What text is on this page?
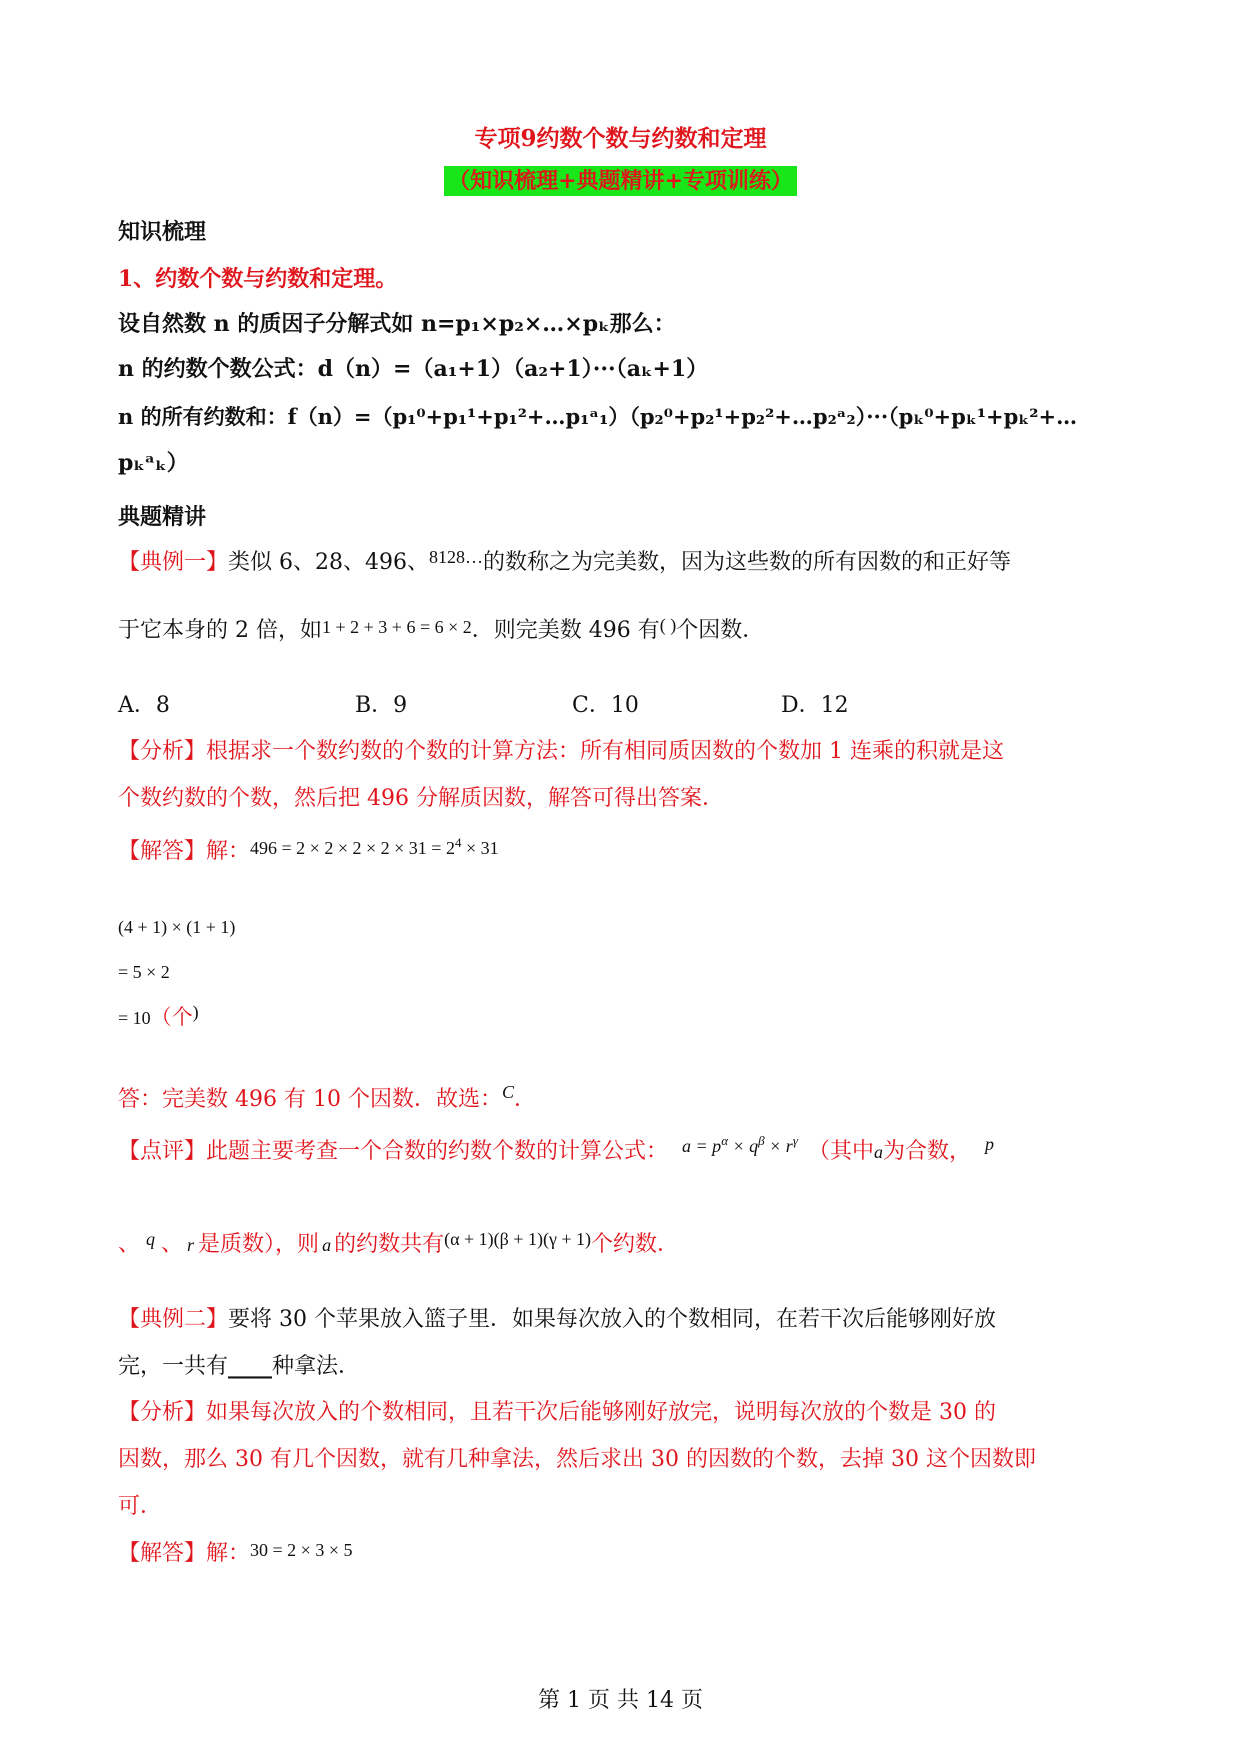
专项9约数个数与约数和定理
（知识梳理+典题精讲+专项训练）
知识梳理
1、约数个数与约数和定理。
设自然数 n 的质因子分解式如 n=p₁×p₂×…×pₖ那么：
n 的约数个数公式：d（n）=（a₁+1）（a₂+1）···（aₖ+1）
n 的所有约数和：f（n）=（p₁⁰+p₁¹+p₁²+…p₁ᵃ₁）（p₂⁰+p₂¹+p₂²+…p₂ᵃ₂）···（pₖ⁰+pₖ¹+pₖ²+…
pₖᵃₖ）
典题精讲
【典例一】类似 6、28、496、$^{8128\dots}$的数称之为完美数，因为这些数的所有因数的和正好等
于它本身的 2 倍，如1 + 2 + 3 + 6 = 6 × 2．则完美数 496 有( )个因数．
A．8	B．9	C．10	D．12
【分析】根据求一个数约数的个数的计算方法：所有相同质因数的个数加 1 连乘的积就是这
个数约数的个数，然后把 496 分解质因数，解答可得出答案．
【解答】解：$496 = 2 \times 2 \times 2 \times 2 \times 31 = 2^4 \times 31$
(4 + 1) × (1 + 1)
= 5 × 2
= 10（个)
答：完美数 496 有 10 个因数．故选：$^C$．
【点评】此题主要考查一个合数的约数个数的计算公式： $^{a = p^\alpha \times q^\beta \times r^\gamma}$ （其中a为合数， $^p$
、 $^q$ 、 r 是质数），则 a 的约数共有$^{(\alpha + 1)(\beta + 1)(\gamma + 1)}$个约数．
【典例二】要将 30 个苹果放入篮子里．如果每次放入的个数相同，在若干次后能够刚好放
完，一共有____种拿法．
【分析】如果每次放入的个数相同，且若干次后能够刚好放完，说明每次放的个数是 30 的
因数，那么 30 有几个因数，就有几种拿法，然后求出 30 的因数的个数，去掉 30 这个因数即
可．
【解答】解：30 = 2 × 3 × 5
第 1 页 共 14 页
